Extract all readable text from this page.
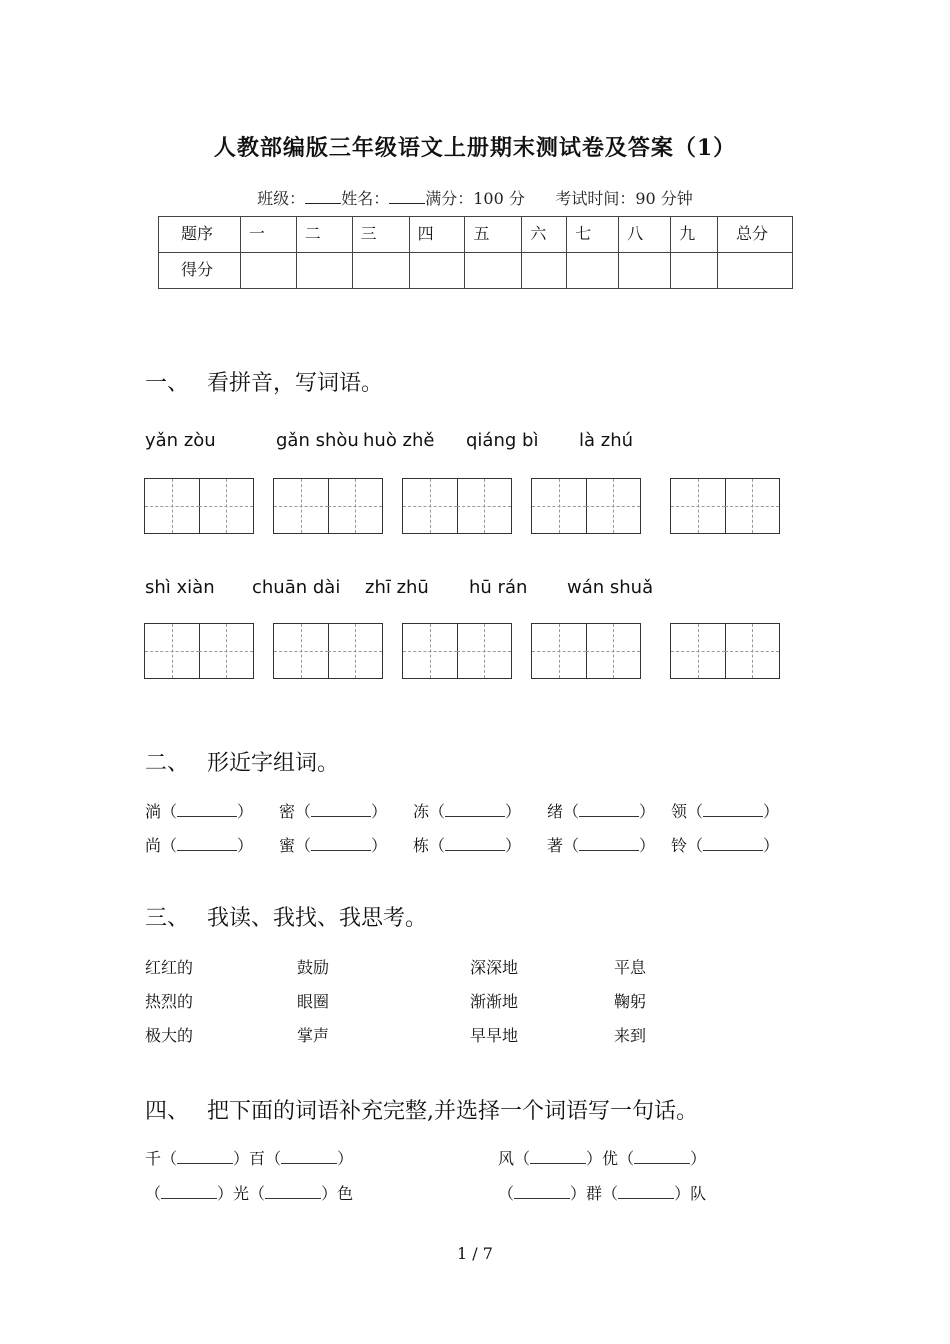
人教部编版三年级语文上册期末测试卷及答案（1）
班级： 姓名： 满分：100 分 考试时间：90 分钟
题序	一	二	三	四	五	六	七	八	九	总分
得分										
一、 看拼音，写词语。
yǎn zòu	gǎn shòu huò zhě qiáng bì là zhú
shì xiàn chuān dài zhī zhū hū rán wán shuǎ
二、 形近字组词。
淌（	） 密（	） 冻（	） 绪（	） 领（	）
尚（	） 蜜（	） 栋（	） 著（	） 铃（	）
三、 我读、我找、我思考。
红红的	鼓励	深深地	平息
热烈的	眼圈	渐渐地	鞠躬
极大的	掌声	早早地	来到
四、 把下面的词语补充完整,并选择一个词语写一句话。
千（	）百（	）	风（	）优（	）
（	）光（	）色	（	）群（	）队
1 / 7
